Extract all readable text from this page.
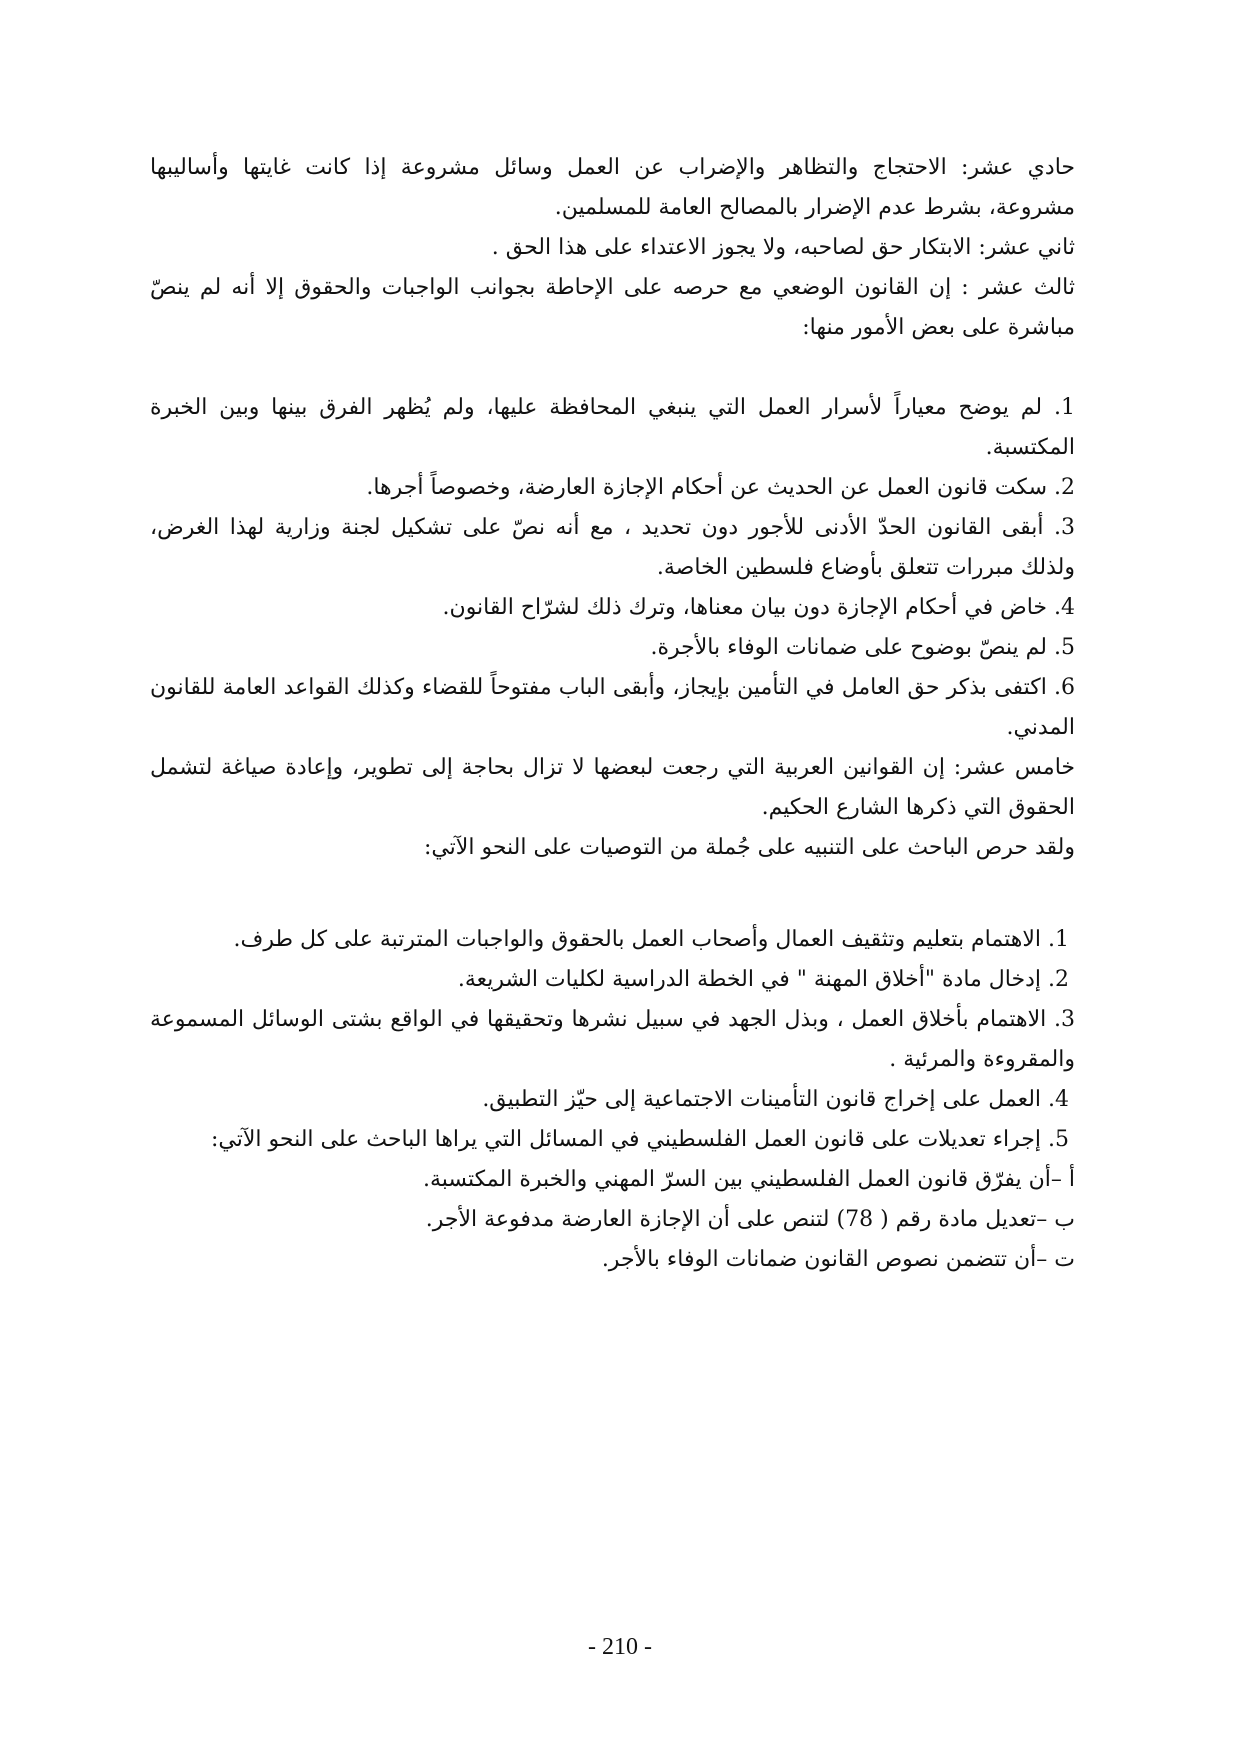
حادي عشر: الاحتجاج والتظاهر والإضراب عن العمل وسائل مشروعة إذا كانت غايتها وأساليبها مشروعة، بشرط عدم الإضرار بالمصالح العامة للمسلمين.

ثاني عشر: الابتكار حق لصاحبه، ولا يجوز الاعتداء على هذا الحق .

ثالث عشر : إن القانون الوضعي مع حرصه على الإحاطة بجوانب الواجبات والحقوق إلا أنه لم ينصّ مباشرة على بعض الأمور منها:

1. لم يوضح معياراً لأسرار العمل التي ينبغي المحافظة عليها، ولم يُظهر الفرق بينها وبين الخبرة المكتسبة.

2. سكت قانون العمل عن الحديث عن أحكام الإجازة العارضة، وخصوصاً أجرها.

3. أبقى القانون الحدّ الأدنى للأجور دون تحديد ، مع أنه نصّ على تشكيل لجنة وزارية لهذا الغرض، ولذلك مبررات تتعلق بأوضاع فلسطين الخاصة.

4. خاض في أحكام الإجازة دون بيان معناها، وترك ذلك لشرّاح القانون.

5. لم ينصّ بوضوح على ضمانات الوفاء بالأجرة.

6. اكتفى بذكر حق العامل في التأمين بإيجاز، وأبقى الباب مفتوحاً للقضاء وكذلك القواعد العامة للقانون المدني.

خامس عشر: إن القوانين العربية التي رجعت لبعضها لا تزال بحاجة إلى تطوير، وإعادة صياغة لتشمل الحقوق التي ذكرها الشارع الحكيم.

ولقد حرص الباحث على التنبيه على جُملة من التوصيات على النحو الآتي:

1. الاهتمام بتعليم وتثقيف العمال وأصحاب العمل بالحقوق والواجبات المترتبة على كل طرف.

2. إدخال مادة "أخلاق المهنة " في الخطة الدراسية لكليات الشريعة.

3. الاهتمام بأخلاق العمل ، وبذل الجهد في سبيل نشرها وتحقيقها في الواقع بشتى الوسائل المسموعة والمقروءة والمرئية .

4. العمل على إخراج قانون التأمينات الاجتماعية إلى حيّز التطبيق.

5. إجراء تعديلات على قانون العمل الفلسطيني في المسائل التي يراها الباحث على النحو الآتي:

أ –أن يفرّق قانون العمل الفلسطيني بين السرّ المهني والخبرة المكتسبة.

ب –تعديل مادة رقم ( 78) لتنص على أن الإجازة العارضة مدفوعة الأجر.

ت –أن تتضمن نصوص القانون ضمانات الوفاء بالأجر.

- 210 -
